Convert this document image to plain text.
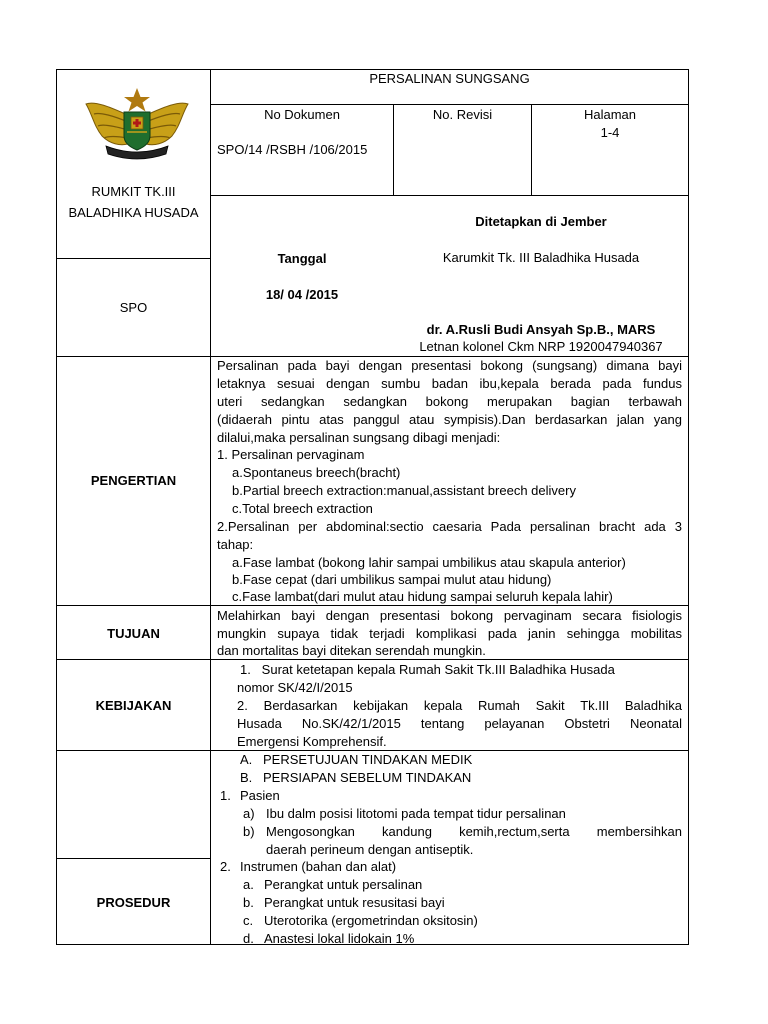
RUMKIT TK.III
BALADHIKA HUSADA
SPO
PERSALINAN SUNGSANG
No Dokumen
SPO/14 /RSBH /106/2015
No. Revisi	Halaman
1-4
Tanggal
18/ 04 /2015
Ditetapkan di Jember
Karumkit Tk. III Baladhika Husada
dr. A.Rusli Budi Ansyah Sp.B., MARS
Letnan kolonel Ckm NRP 1920047940367
PENGERTIAN
Persalinan pada bayi dengan presentasi bokong (sungsang) dimana bayi
letaknya sesuai dengan sumbu badan ibu,kepala berada pada fundus
uteri sedangkan sedangkan bokong merupakan bagian terbawah
(didaerah pintu atas panggul atau sympisis).Dan berdasarkan jalan yang
dilalui,maka persalinan sungsang dibagi menjadi:
1. Persalinan pervaginam
a.Spontaneus breech(bracht)
b.Partial breech extraction:manual,assistant breech delivery
c.Total breech extraction
2.Persalinan per abdominal:sectio caesaria Pada persalinan bracht ada 3
tahap:
a.Fase lambat (bokong lahir sampai umbilikus atau skapula anterior)
b.Fase cepat (dari umbilikus sampai mulut atau hidung)
c.Fase lambat(dari mulut atau hidung sampai seluruh kepala lahir)
TUJUAN
Melahirkan bayi dengan presentasi bokong pervaginam secara fisiologis
mungkin supaya tidak terjadi komplikasi pada janin sehingga mobilitas
dan mortalitas bayi ditekan serendah mungkin.
KEBIJAKAN
1.   Surat ketetapan kepala Rumah Sakit Tk.III Baladhika Husada
nomor SK/42/I/2015
2. Berdasarkan kebijakan kepala Rumah Sakit Tk.III Baladhika
Husada No.SK/42/1/2015 tentang pelayanan Obstetri Neonatal
Emergensi Komprehensif.
PROSEDUR
A. PERSETUJUAN TINDAKAN MEDIK
B. PERSIAPAN SEBELUM TINDAKAN
1. Pasien
a) Ibu dalm posisi litotomi pada tempat tidur persalinan
b) Mengosongkan kandung kemih,rectum,serta membersihkan
daerah perineum dengan antiseptik.
2. Instrumen (bahan dan alat)
a. Perangkat untuk persalinan
b. Perangkat untuk resusitasi bayi
c. Uterotorika (ergometrindan oksitosin)
d. Anastesi lokal lidokain 1%
